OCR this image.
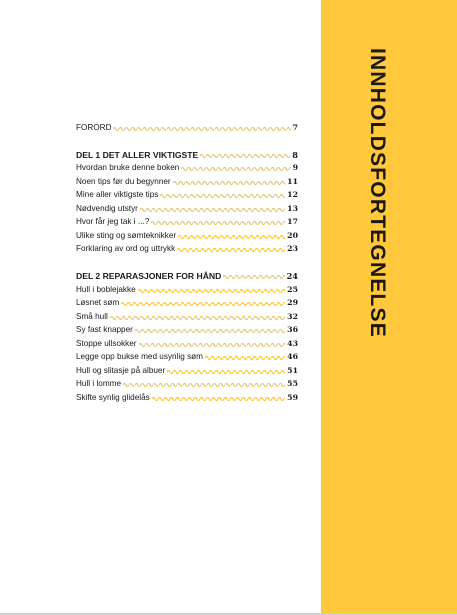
INNHOLDSFORTEGNELSE
FORORD	7
DEL 1 DET ALLER VIKTIGSTE	8
Hvordan bruke denne boken	9
Noen tips før du begynner	11
Mine aller viktigste tips	12
Nødvendig utstyr	13
Hvor får jeg tak i ...?	17
Ulike sting og sømteknikker	20
Forklaring av ord og uttrykk	23
DEL 2 REPARASJONER FOR HÅND	24
Hull i boblejakke	25
Løsnet søm	29
Små hull	32
Sy fast knapper	36
Stoppe ullsokker	43
Legge opp bukse med usynlig søm	46
Hull og slitasje på albuer	51
Hull i lomme	55
Skifte synlig glidelås	59
